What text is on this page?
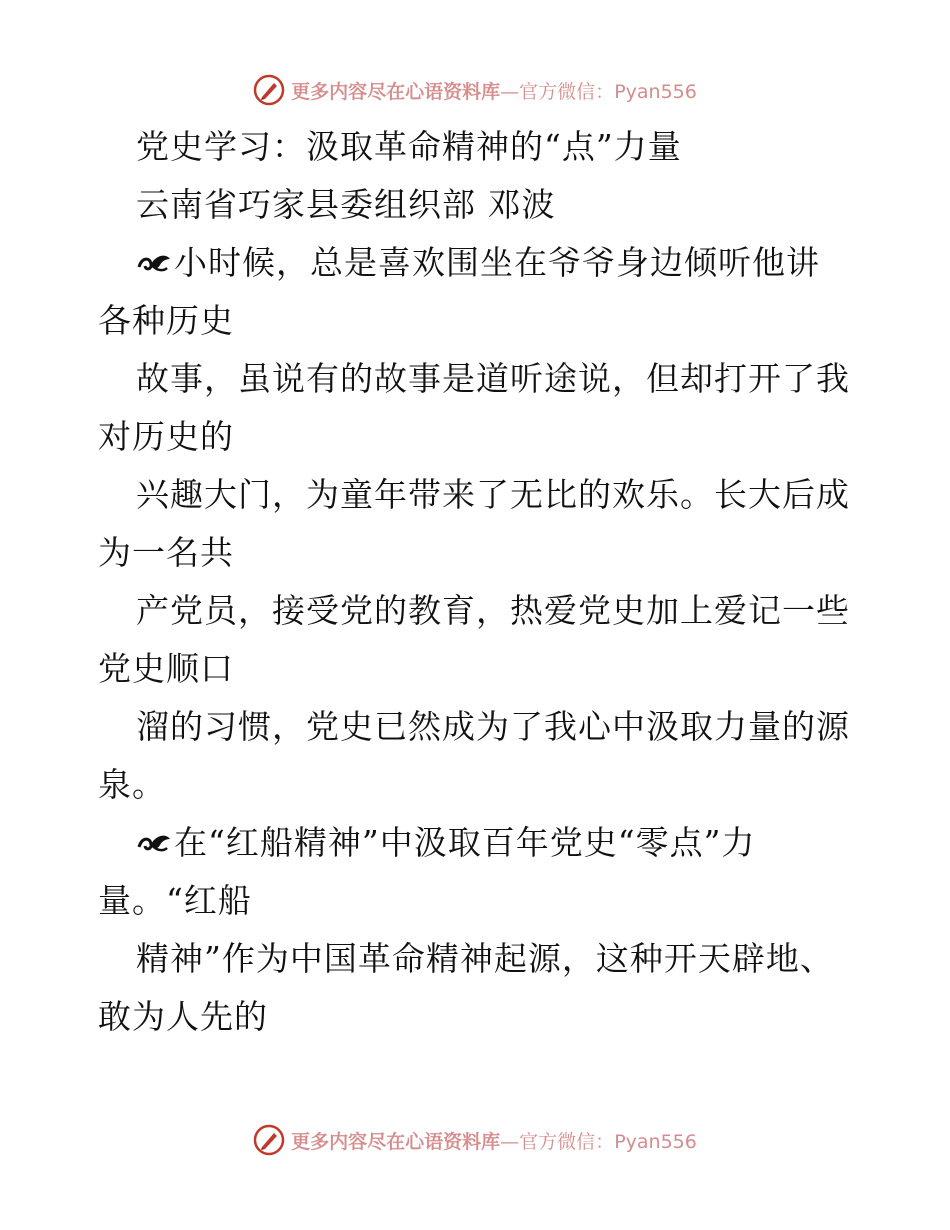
更多内容尽在心语资料库—官方微信：Pyan556
党史学习：汲取革命精神的“点”力量
云南省巧家县委组织部 邓波
小时候，总是喜欢围坐在爷爷身边倾听他讲
各种历史
故事，虽说有的故事是道听途说，但却打开了我
对历史的
兴趣大门，为童年带来了无比的欢乐。长大后成
为一名共
产党员，接受党的教育，热爱党史加上爱记一些
党史顺口
溜的习惯，党史已然成为了我心中汲取力量的源
泉。
在“红船精神”中汲取百年党史“零点”力
量。“红船
精神”作为中国革命精神起源，这种开天辟地、
敢为人先的
更多内容尽在心语资料库—官方微信：Pyan556
